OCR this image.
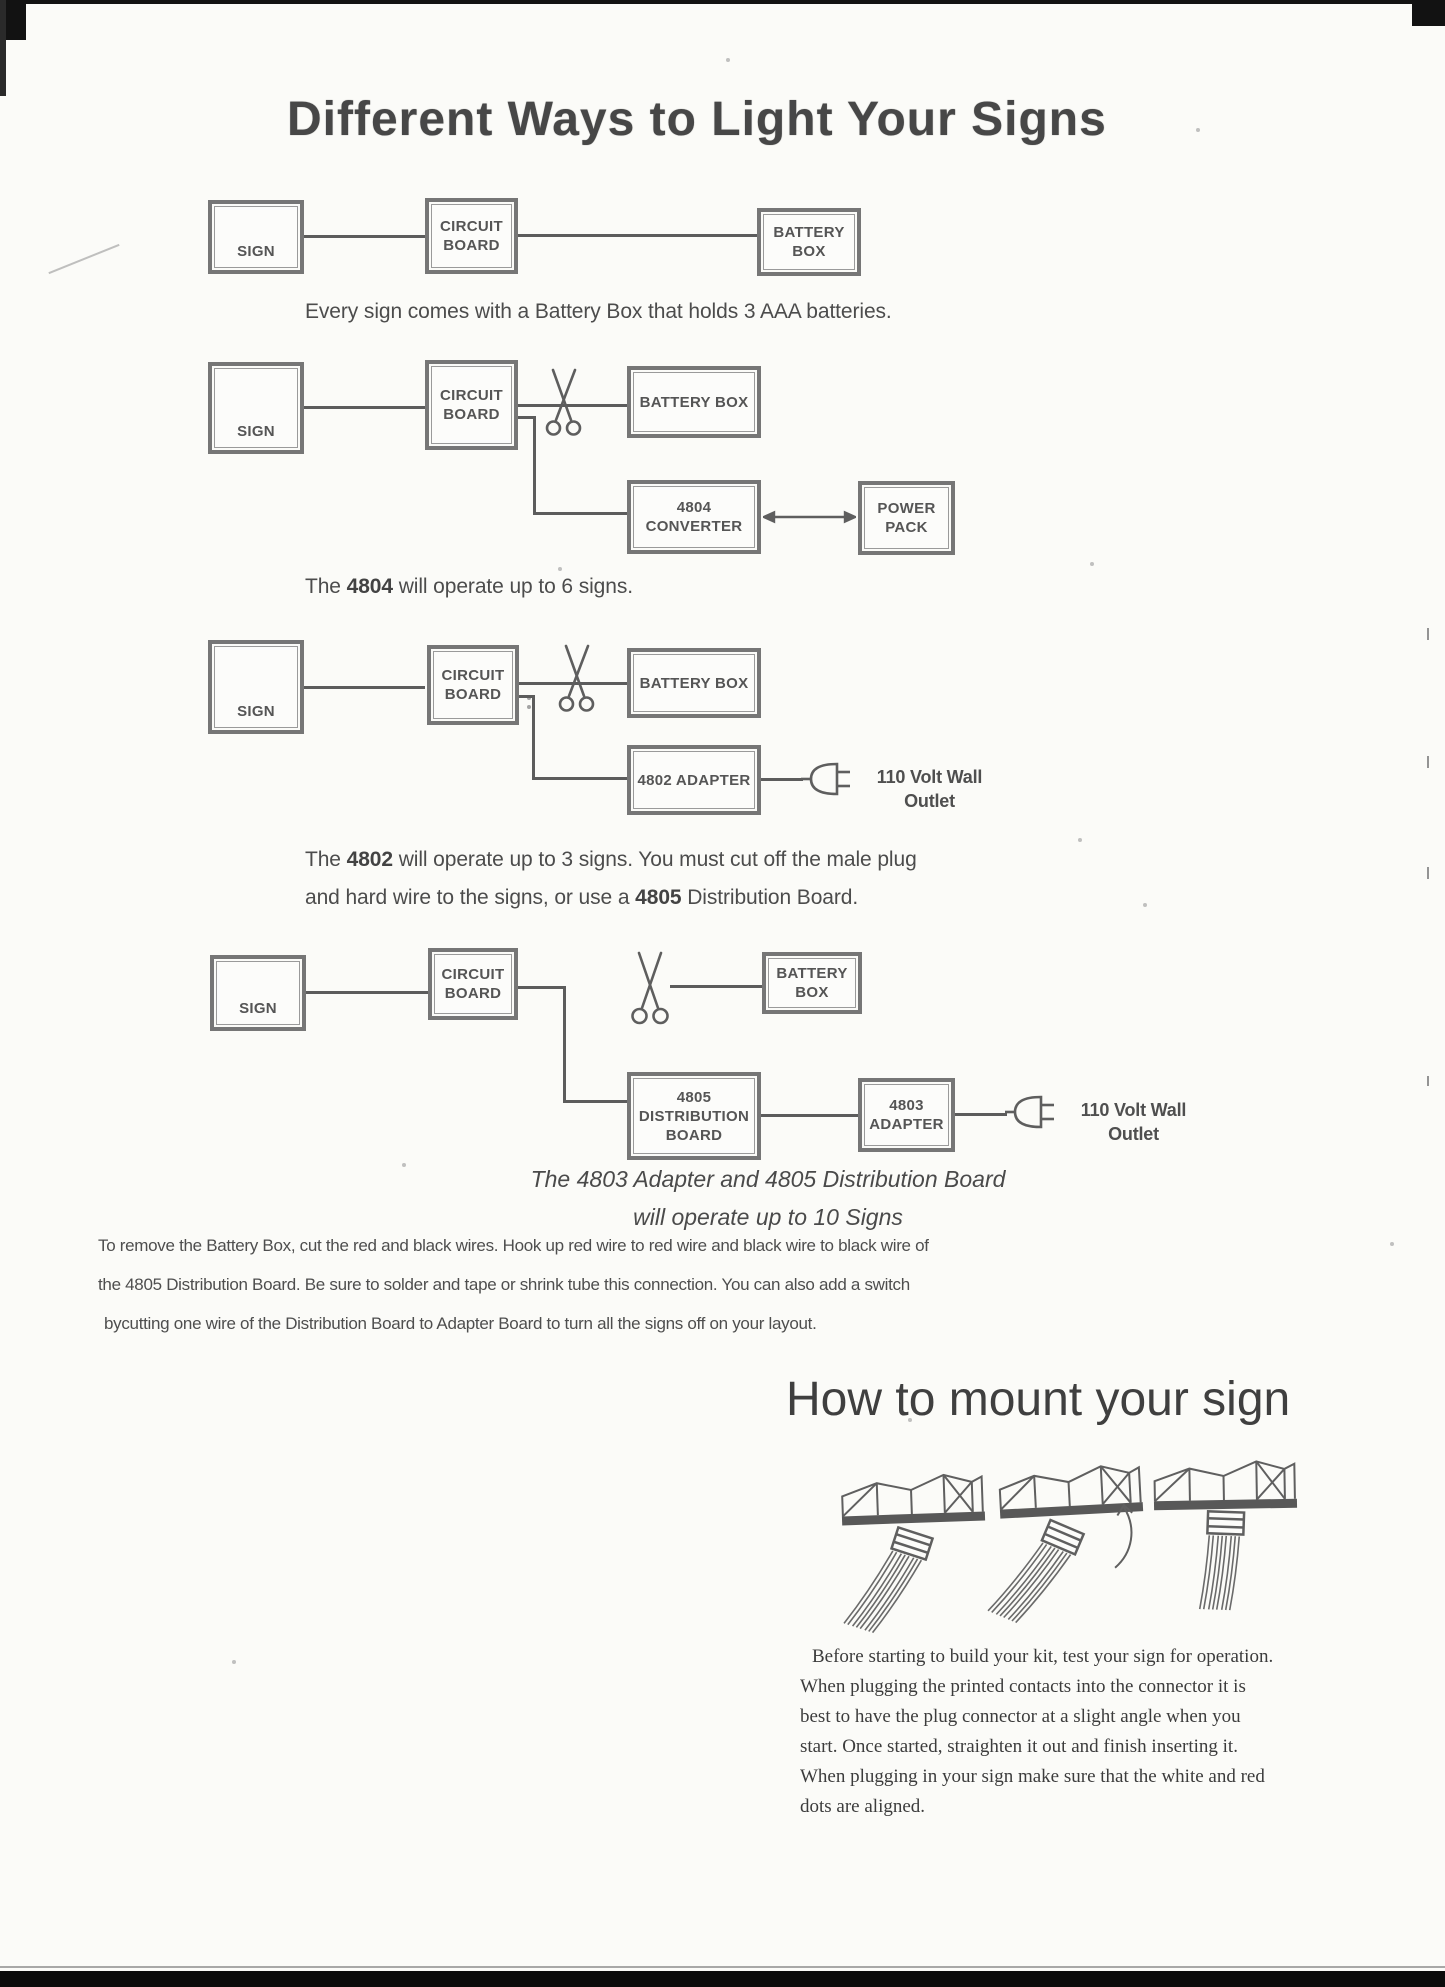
Different Ways to Light Your Signs
SIGN
CIRCUIT BOARD
BATTERY BOX
Every sign comes with a Battery Box that holds 3 AAA batteries.
SIGN
CIRCUIT BOARD
BATTERY BOX
4804 CONVERTER
POWER PACK
The 4804 will operate up to 6 signs.
SIGN
CIRCUIT BOARD
BATTERY BOX
4802 ADAPTER	110 Volt Wall Outlet
The 4802 will operate up to 3 signs. You must cut off the male plug
and hard wire to the signs, or use a 4805 Distribution Board.
SIGN
CIRCUIT BOARD
BATTERY BOX
4805 DISTRIBUTION BOARD
4803 ADAPTER
110 Volt Wall Outlet
The 4803 Adapter and 4805 Distribution Board
will operate up to 10 Signs
To remove the Battery Box, cut the red and black wires. Hook up red wire to red wire and black wire to black wire of
the 4805 Distribution Board. Be sure to solder and tape or shrink tube this connection. You can also add a switch
bycutting one wire of the Distribution Board to Adapter Board to turn all the signs off on your layout.
How to mount your sign
Before starting to build your kit, test your sign for operation.
When plugging the printed contacts into the connector it is
best to have the plug connector at a slight angle when you
start. Once started, straighten it out and finish inserting it.
When plugging in your sign make sure that the white and red
dots are aligned.
